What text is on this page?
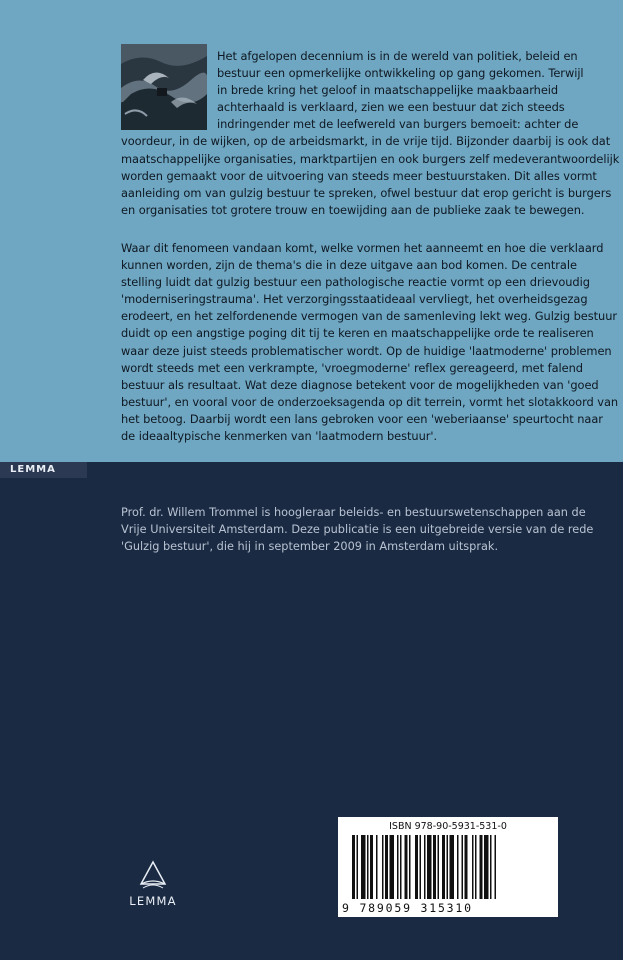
Het afgelopen decennium is in de wereld van politiek, beleid en
bestuur een opmerkelijke ontwikkeling op gang gekomen. Terwijl
in brede kring het geloof in maatschappelijke maakbaarheid
achterhaald is verklaard, zien we een bestuur dat zich steeds
indringender met de leefwereld van burgers bemoeit: achter de
voordeur, in de wijken, op de arbeidsmarkt, in de vrije tijd. Bijzonder daarbij is ook dat
maatschappelijke organisaties, marktpartijen en ook burgers zelf medeverantwoordelijk
worden gemaakt voor de uitvoering van steeds meer bestuurstaken. Dit alles vormt
aanleiding om van gulzig bestuur te spreken, ofwel bestuur dat erop gericht is burgers
en organisaties tot grotere trouw en toewijding aan de publieke zaak te bewegen.
Waar dit fenomeen vandaan komt, welke vormen het aanneemt en hoe die verklaard
kunnen worden, zijn de thema's die in deze uitgave aan bod komen. De centrale
stelling luidt dat gulzig bestuur een pathologische reactie vormt op een drievoudig
'moderniseringstrauma'. Het verzorgingsstaatideaal vervliegt, het overheidsgezag
erodeert, en het zelfordenende vermogen van de samenleving lekt weg. Gulzig bestuur
duidt op een angstige poging dit tij te keren en maatschappelijke orde te realiseren
waar deze juist steeds problematischer wordt. Op de huidige 'laatmoderne' problemen
wordt steeds met een verkrampte, 'vroegmoderne' reflex gereageerd, met falend
bestuur als resultaat. Wat deze diagnose betekent voor de mogelijkheden van 'goed
bestuur', en vooral voor de onderzoeksagenda op dit terrein, vormt het slotakkoord van
het betoog. Daarbij wordt een lans gebroken voor een 'weberiaanse' speurtocht naar
de ideaaltypische kenmerken van 'laatmodern bestuur'.
LEMMA
Prof. dr. Willem Trommel is hoogleraar beleids- en bestuurswetenschappen aan de
Vrije Universiteit Amsterdam. Deze publicatie is een uitgebreide versie van de rede
'Gulzig bestuur', die hij in september 2009 in Amsterdam uitsprak.
LEMMA
ISBN 978-90-5931-531-0
9 789059 315310
